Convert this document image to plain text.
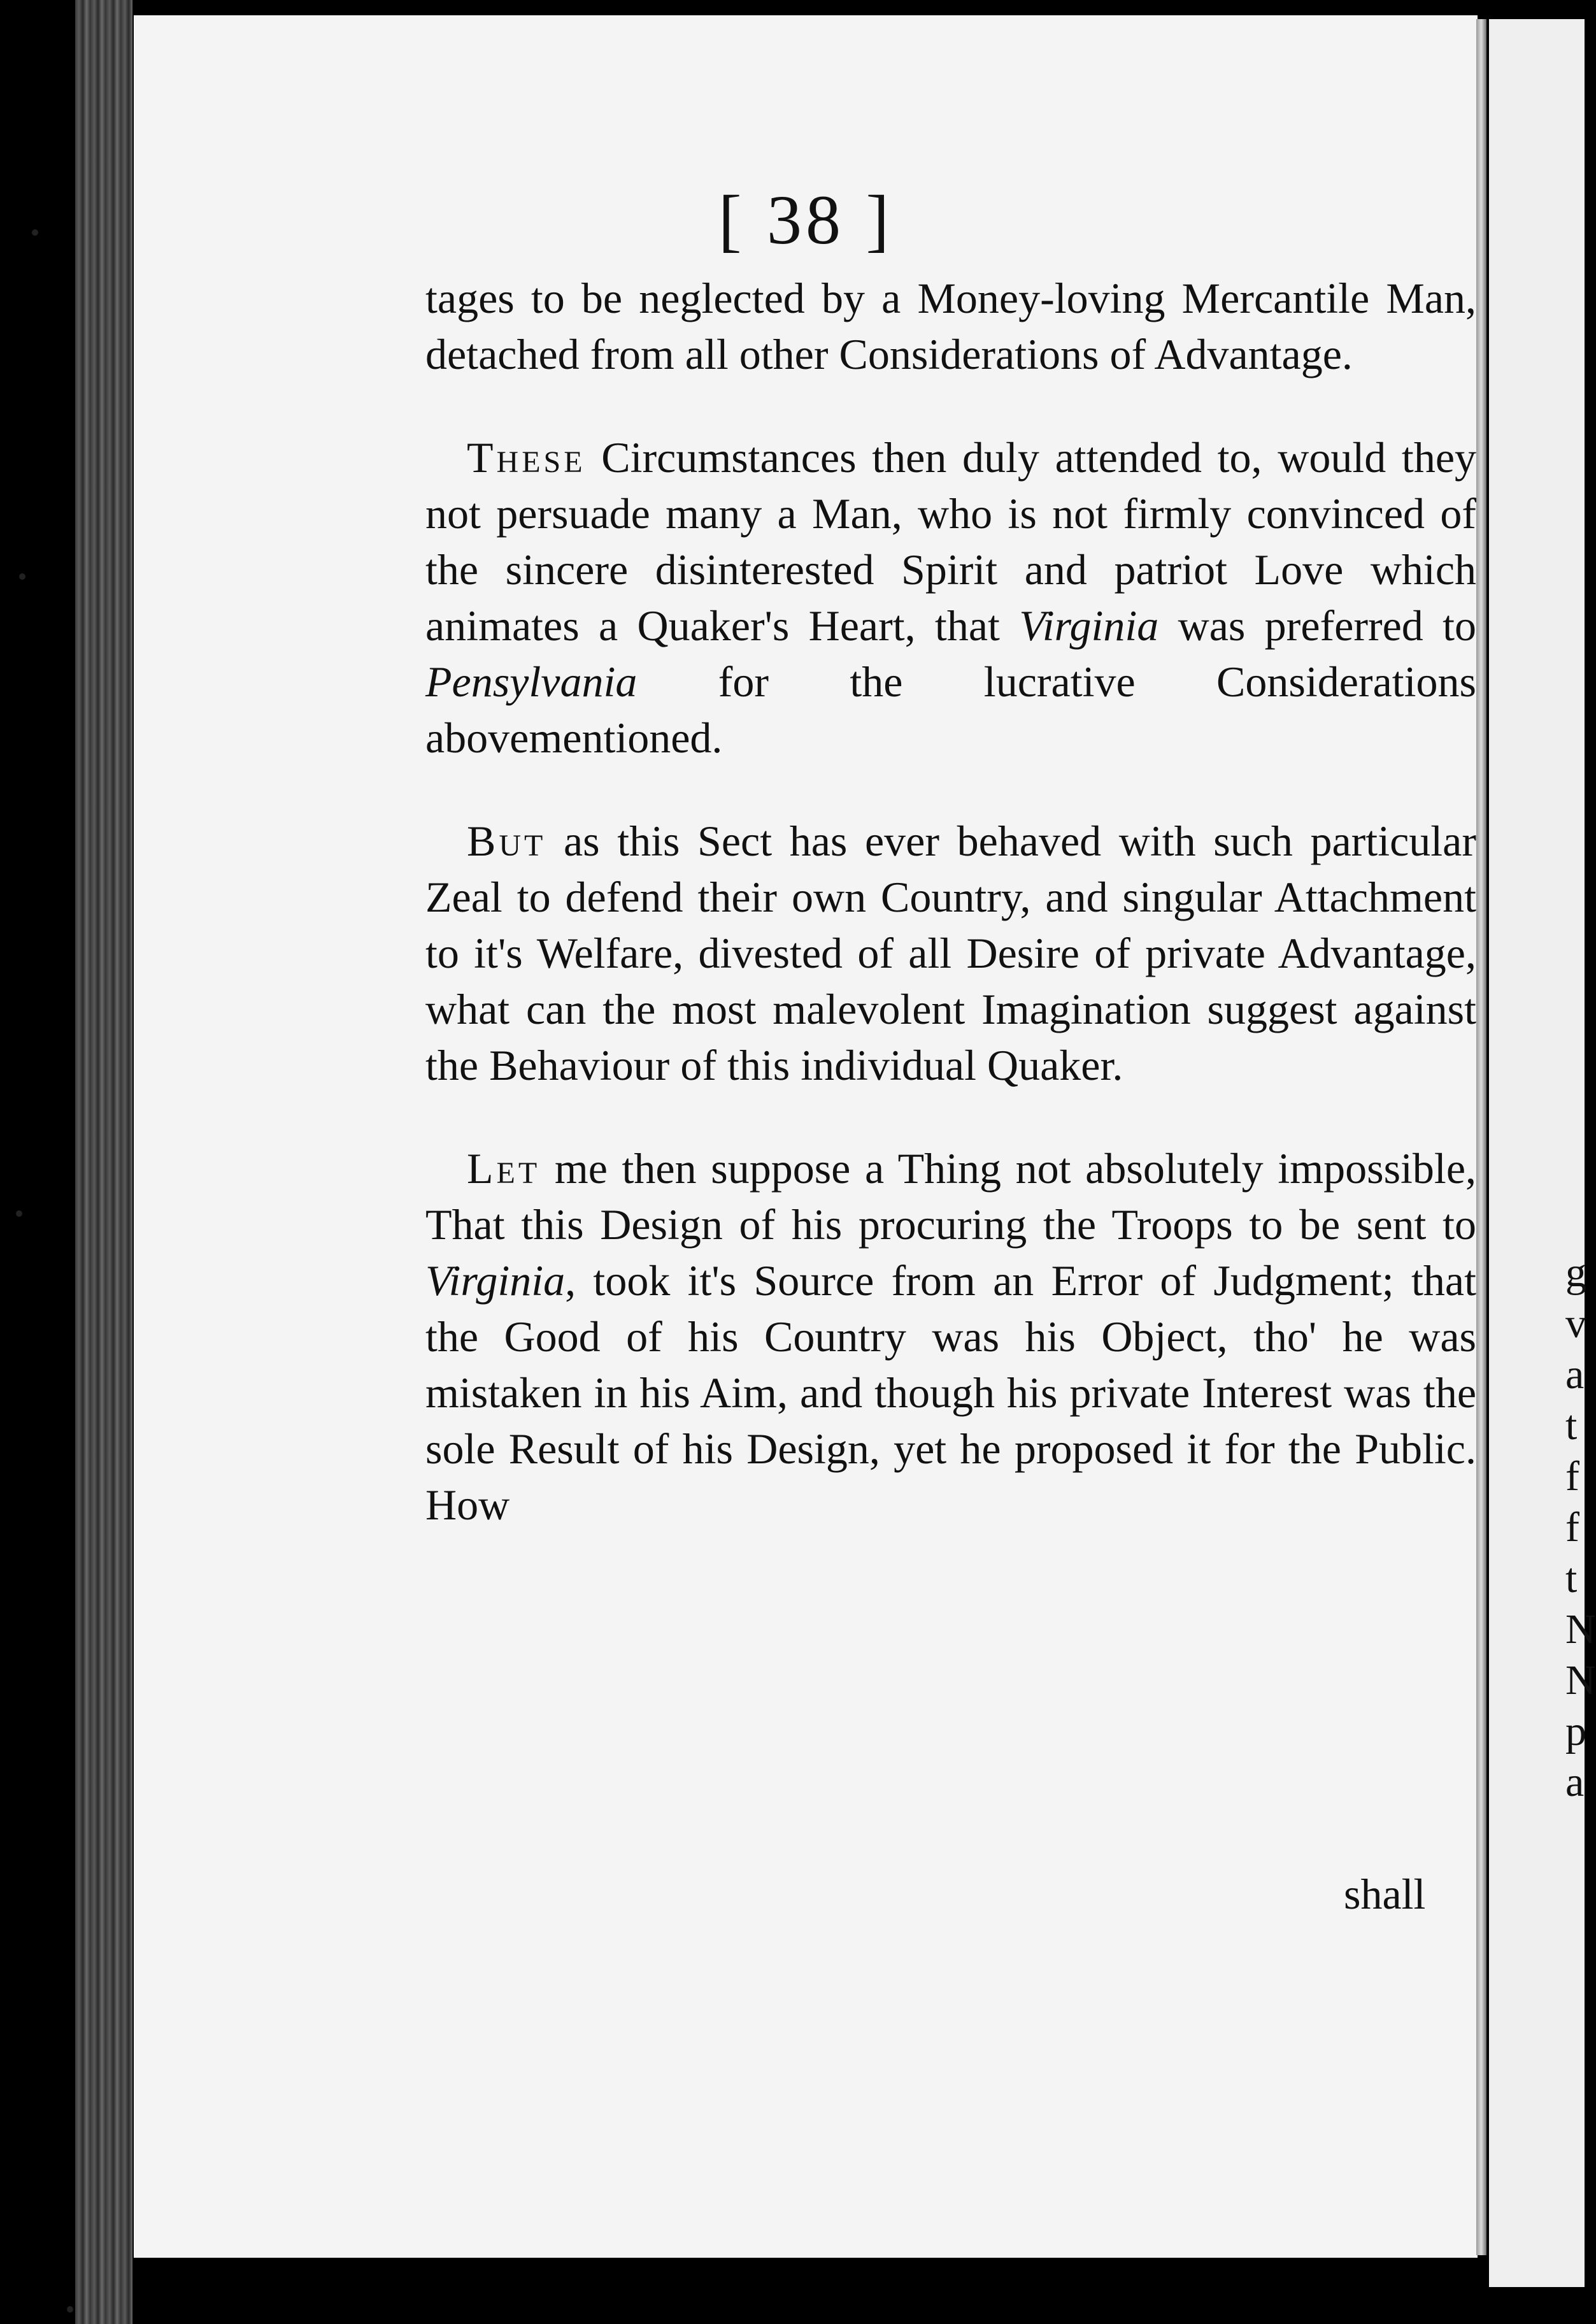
[ 38 ]

tages to be neglected by a Money-loving Mercantile Man, detached from all other Considerations of Advantage.

These Circumstances then duly attended to, would they not persuade many a Man, who is not firmly convinced of the sincere disinterested Spirit and patriot Love which animates a Quaker's Heart, that Virginia was preferred to Pensylvania for the lucrative Considerations abovementioned.

But as this Sect has ever behaved with such particular Zeal to defend their own Country, and singular Attachment to it's Welfare, divested of all Desire of private Advantage, what can the most malevolent Imagination suggest against the Behaviour of this individual Quaker.

Let me then suppose a Thing not absolutely impossible, That this Design of his procuring the Troops to be sent to Virginia, took it's Source from an Error of Judgment; that the Good of his Country was his Object, tho' he was mistaken in his Aim, and though his private Interest was the sole Result of his Design, yet he proposed it for the Public. How

shall
g
v
a
t
f
f
t
N
N
p
a
